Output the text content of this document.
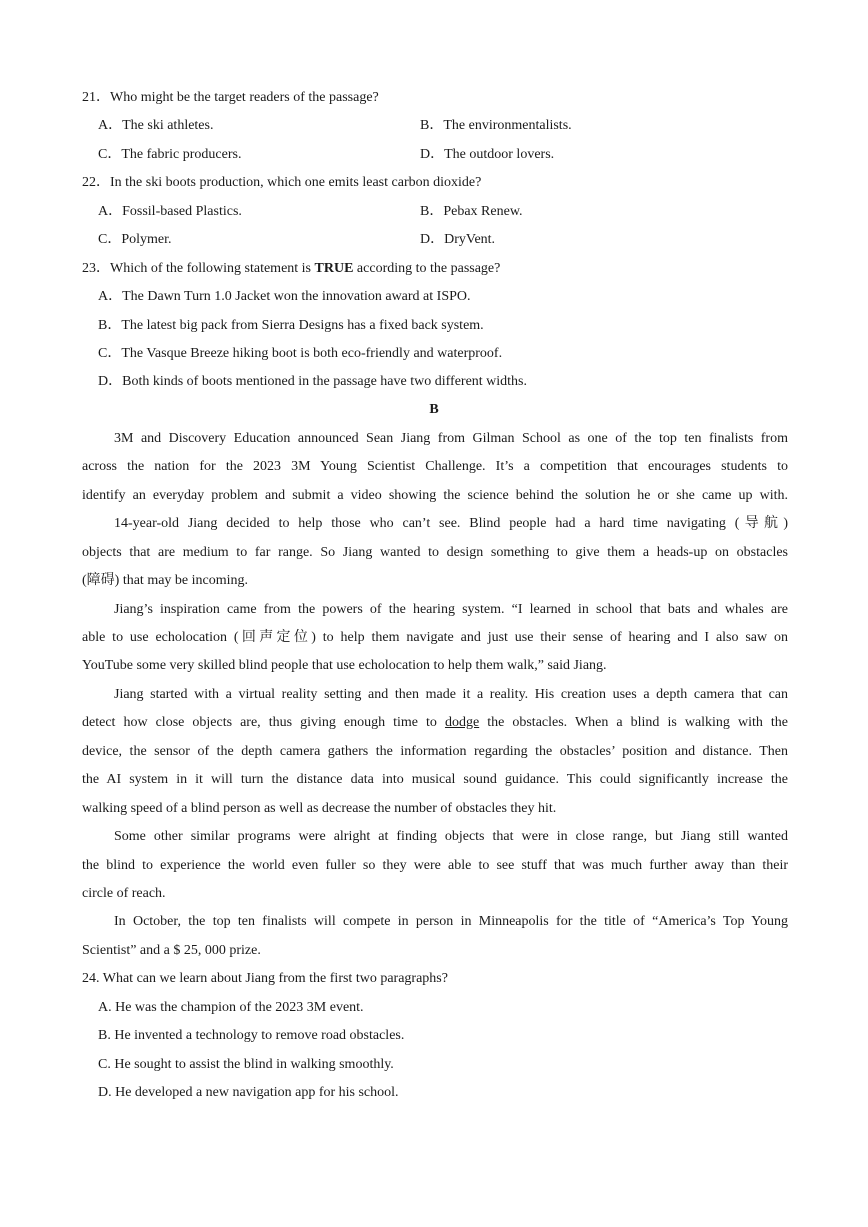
21．Who might be the target readers of the passage?
A．The ski athletes.	B．The environmentalists.
C．The fabric producers.	D．The outdoor lovers.
22．In the ski boots production, which one emits least carbon dioxide?
A．Fossil-based Plastics.	B．Pebax Renew.
C．Polymer.	D．DryVent.
23．Which of the following statement is TRUE according to the passage?
A．The Dawn Turn 1.0 Jacket won the innovation award at ISPO.
B．The latest big pack from Sierra Designs has a fixed back system.
C．The Vasque Breeze hiking boot is both eco-friendly and waterproof.
D．Both kinds of boots mentioned in the passage have two different widths.
B
3M and Discovery Education announced Sean Jiang from Gilman School as one of the top ten finalists from
across the nation for the 2023 3M Young Scientist Challenge. It’s a competition that encourages students to
identify an everyday problem and submit a video showing the science behind the solution he or she came up with.
14-year-old Jiang decided to help those who can’t see. Blind people had a hard time navigating (导航)
objects that are medium to far range. So Jiang wanted to design something to give them a heads-up on obstacles
(障碍) that may be incoming.
Jiang’s inspiration came from the powers of the hearing system. “I learned in school that bats and whales are
able to use echolocation (回声定位) to help them navigate and just use their sense of hearing and I also saw on
YouTube some very skilled blind people that use echolocation to help them walk,” said Jiang.
Jiang started with a virtual reality setting and then made it a reality. His creation uses a depth camera that can
detect how close objects are, thus giving enough time to dodge the obstacles. When a blind is walking with the
device, the sensor of the depth camera gathers the information regarding the obstacles’ position and distance. Then
the AI system in it will turn the distance data into musical sound guidance. This could significantly increase the
walking speed of a blind person as well as decrease the number of obstacles they hit.
Some other similar programs were alright at finding objects that were in close range, but Jiang still wanted
the blind to experience the world even fuller so they were able to see stuff that was much further away than their
circle of reach.
In October, the top ten finalists will compete in person in Minneapolis for the title of “America’s Top Young
Scientist” and a $ 25, 000 prize.
24. What can we learn about Jiang from the first two paragraphs?
A. He was the champion of the 2023 3M event.
B. He invented a technology to remove road obstacles.
C. He sought to assist the blind in walking smoothly.
D. He developed a new navigation app for his school.
